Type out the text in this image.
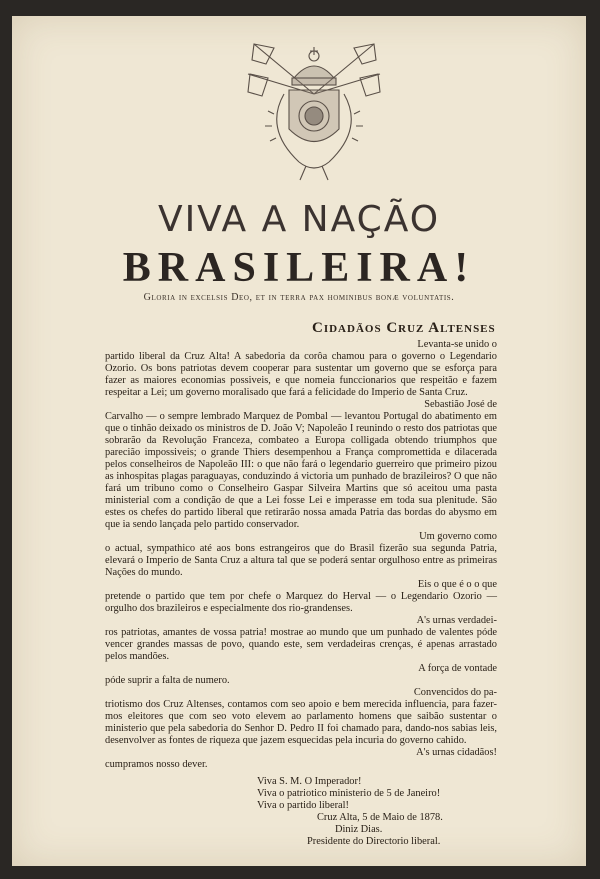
VIVA A NAÇÃO
BRASILEIRA!
Gloria in excelsis Deo, et in terra pax hominibus bonæ voluntatis.
Cidadãos Cruz Altenses

Levanta-se unido o

partido liberal da Cruz Alta! A sabedoria da corôa chamou para o governo o Legendario Ozorio. Os bons patriotas devem cooperar para sustentar um governo que se esforça para fazer as maiores economias possiveis, e que nomeia funccionarios que respeitão e fazem respeitar a Lei; um governo moralisado que fará a felicidade do Imperio de Santa Cruz.

Sebastião José de

Carvalho — o sempre lembrado Marquez de Pombal — levantou Portugal do abatimento em que o tinhão deixado os ministros de D. João V; Napoleão I reunindo o resto dos patriotas que sobrarão da Revolução Franceza, combateo a Europa colligada obtendo triumphos que parecião impossiveis; o grande Thiers desempenhou a França compromettida e dilacerada pelos conselheiros de Napoleão III: o que não fará o legendario guerreiro que primeiro pizou as inhospitas plagas paraguayas, conduzindo á victoria um punhado de brazileiros? O que não fará um tribuno como o Conselheiro Gaspar Silveira Martins que só aceitou uma pasta ministerial com a condição de que a Lei fosse Lei e imperasse em toda sua plenitude. São estes os chefes do partido liberal que retirarão nossa amada Patria das bordas do abysmo em que ia sendo lançada pelo partido conservador.

Um governo como

o actual, sympathico até aos bons estrangeiros que do Brasil fizerão sua segunda Patria, elevará o Imperio de Santa Cruz a altura tal que se poderá sentar orgulhoso entre as primeiras Nações do mundo.

Eis o que é o o que

pretende o partido que tem por chefe o Marquez do Herval — o Legendario Ozorio — orgulho dos brazileiros e especialmente dos rio-grandenses.

A's urnas verdadei-

ros patriotas, amantes de vossa patria! mostrae ao mundo que um punhado de valentes póde vencer grandes massas de povo, quando este, sem verdadeiras crenças, é apenas arrastado pelos mandões.

A força de vontade

póde suprir a falta de numero.

Convencidos do pa-

triotismo dos Cruz Altenses, contamos com seo apoio e bem merecida influencia, para fazer-mos eleitores que com seo voto elevem ao parlamento homens que saibão sustentar o ministerio que pela sabedoria do Senhor D. Pedro II foi chamado para, dando-nos sabias leis, desenvolver as fontes de riqueza que jazem esquecidas pela incuria do governo cahido.

A's urnas cidadãos!

cumpramos nosso dever.

Viva S. M. O Imperador!
Viva o patriotico ministerio de 5 de Janeiro!
Viva o partido liberal!
Cruz Alta, 5 de Maio de 1878.
Diniz Dias.
Presidente do Directorio liberal.
